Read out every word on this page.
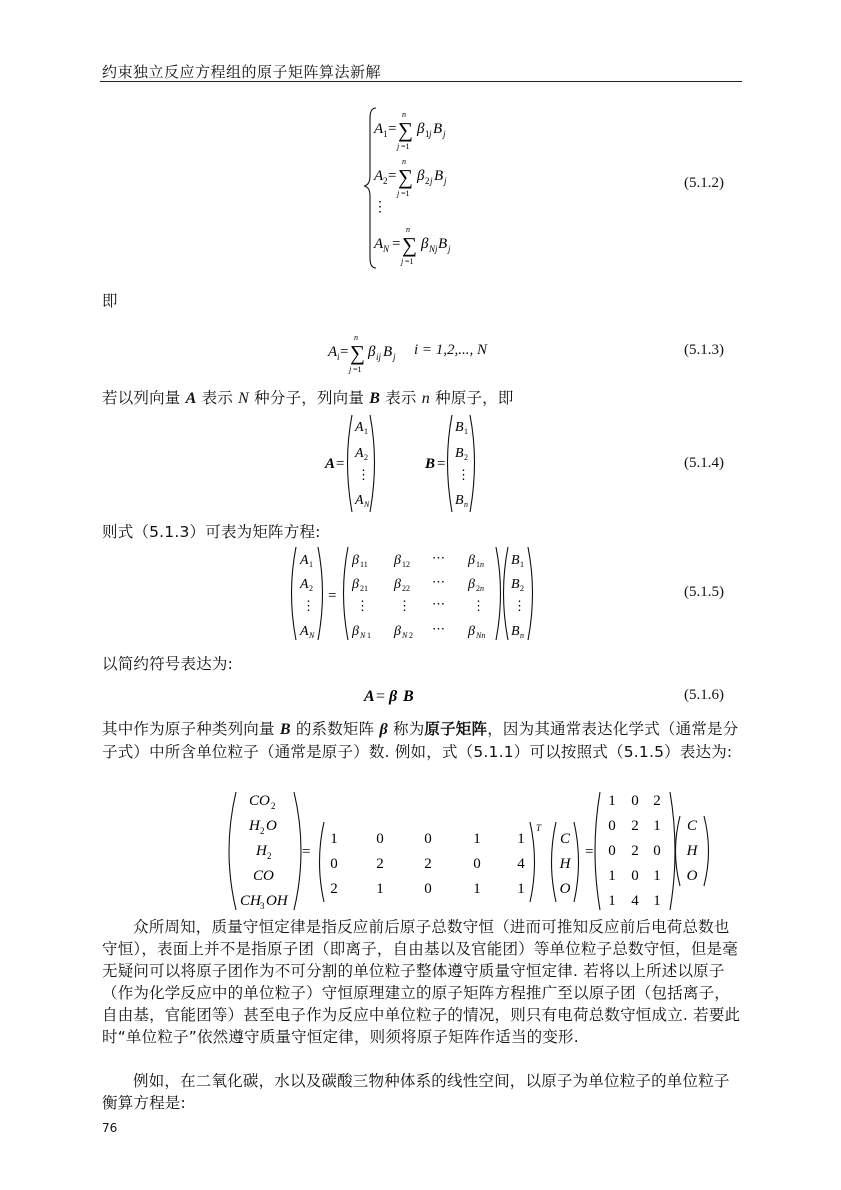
约束独立反应方程组的原子矩阵算法新解
A 1 =
n
∑
j =1
β 1 j B j
A 2 =
n
∑
j =1
β 2 j B j
⋮
A N =
n
∑
j =1
β Nj B j
A i =
n
∑
j =1
β ij B j
A =
A 1
A 2
⋮
A N
B =
B 1
B 2
⋮
B n
A 1
A 2
⋮
A N
=
β 11 β 12 ⋯ β 1 n
β 21 β 22 ⋯ β 2 n
⋮ ⋮ ⋯ ⋮
β N 1 β N 2 ⋯ β Nn
B 1
B 2
⋮
B n
A = β B
CO 2
H 2 O
H 2
CO
CH 3 OH
=
T
1	0	0	1 1
0	2	2	0 4
2	1	0	1 1
C
H
O
=
1 0 2
0 2 1
0 2 0
1 0 1
1 4 1
C
H
O
(5.1.2)
(5.1.3)
(5.1.4)
(5.1.5)
(5.1.6)
i = 1,2,..., N
即
若以列向量 A 表示 N 种分子，列向量 B 表示 n 种原子，即
则式（5.1.3）可表为矩阵方程:
以简约符号表达为:
其中作为原子种类列向量 B 的系数矩阵 β 称为原子矩阵，因为其通常表达化学式（通常是分子式）中所含单位粒子（通常是原子）数. 例如，式（5.1.1）可以按照式（5.1.5）表达为:
众所周知，质量守恒定律是指反应前后原子总数守恒（进而可推知反应前后电荷总数也守恒），表面上并不是指原子团（即离子，自由基以及官能团）等单位粒子总数守恒，但是毫无疑问可以将原子团作为不可分割的单位粒子整体遵守质量守恒定律. 若将以上所述以原子（作为化学反应中的单位粒子）守恒原理建立的原子矩阵方程推广至以原子团（包括离子，自由基，官能团等）甚至电子作为反应中单位粒子的情况，则只有电荷总数守恒成立. 若要此时“单位粒子”依然遵守质量守恒定律，则须将原子矩阵作适当的变形.
例如，在二氧化碳，水以及碳酸三物种体系的线性空间，以原子为单位粒子的单位粒子衡算方程是:
76
